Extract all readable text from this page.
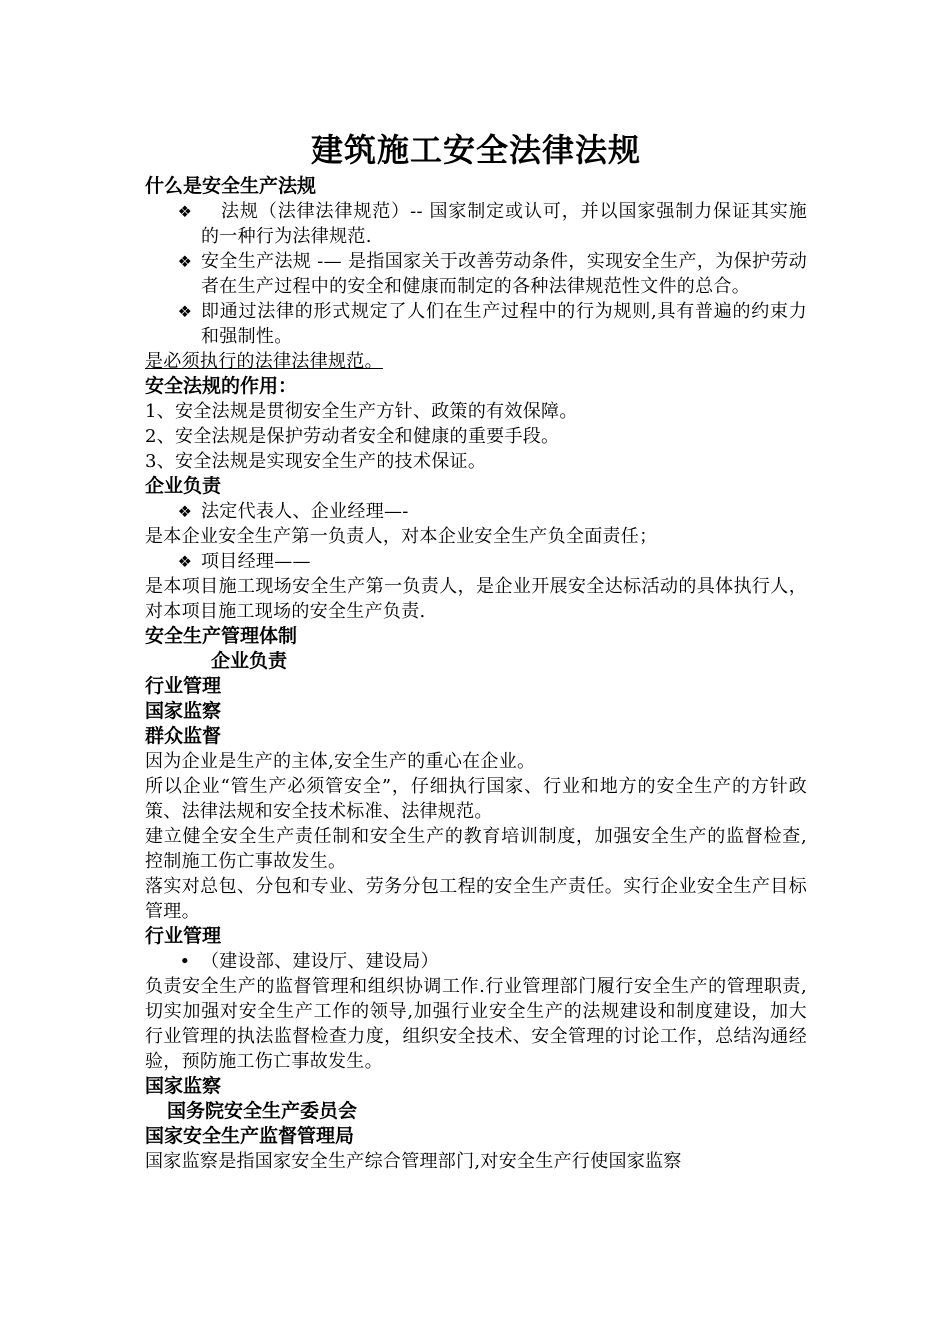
建筑施工安全法律法规
什么是安全生产法规
❖ 法规（法律法律规范）-- 国家制定或认可，并以国家强制力保证其实施的一种行为法律规范.
❖ 安全生产法规 -— 是指国家关于改善劳动条件，实现安全生产，为保护劳动者在生产过程中的安全和健康而制定的各种法律规范性文件的总合。
❖ 即通过法律的形式规定了人们在生产过程中的行为规则,具有普遍的约束力和强制性。
是必须执行的法律法律规范。
安全法规的作用：
1、安全法规是贯彻安全生产方针、政策的有效保障。
2、安全法规是保护劳动者安全和健康的重要手段。
3、安全法规是实现安全生产的技术保证。
企业负责
❖ 法定代表人、企业经理—-
是本企业安全生产第一负责人，对本企业安全生产负全面责任；
❖ 项目经理——
是本项目施工现场安全生产第一负责人，是企业开展安全达标活动的具体执行人，对本项目施工现场的安全生产负责.
安全生产管理体制
企业负责
行业管理
国家监察
群众监督
因为企业是生产的主体,安全生产的重心在企业。
所以企业“管生产必须管安全”，仔细执行国家、行业和地方的安全生产的方针政策、法律法规和安全技术标准、法律规范。
建立健全安全生产责任制和安全生产的教育培训制度，加强安全生产的监督检查,控制施工伤亡事故发生。
落实对总包、分包和专业、劳务分包工程的安全生产责任。实行企业安全生产目标管理。
行业管理
• （建设部、建设厅、建设局）
负责安全生产的监督管理和组织协调工作.行业管理部门履行安全生产的管理职责,切实加强对安全生产工作的领导,加强行业安全生产的法规建设和制度建设，加大行业管理的执法监督检查力度，组织安全技术、安全管理的讨论工作，总结沟通经验，预防施工伤亡事故发生。
国家监察
国务院安全生产委员会
国家安全生产监督管理局
国家监察是指国家安全生产综合管理部门,对安全生产行使国家监察
